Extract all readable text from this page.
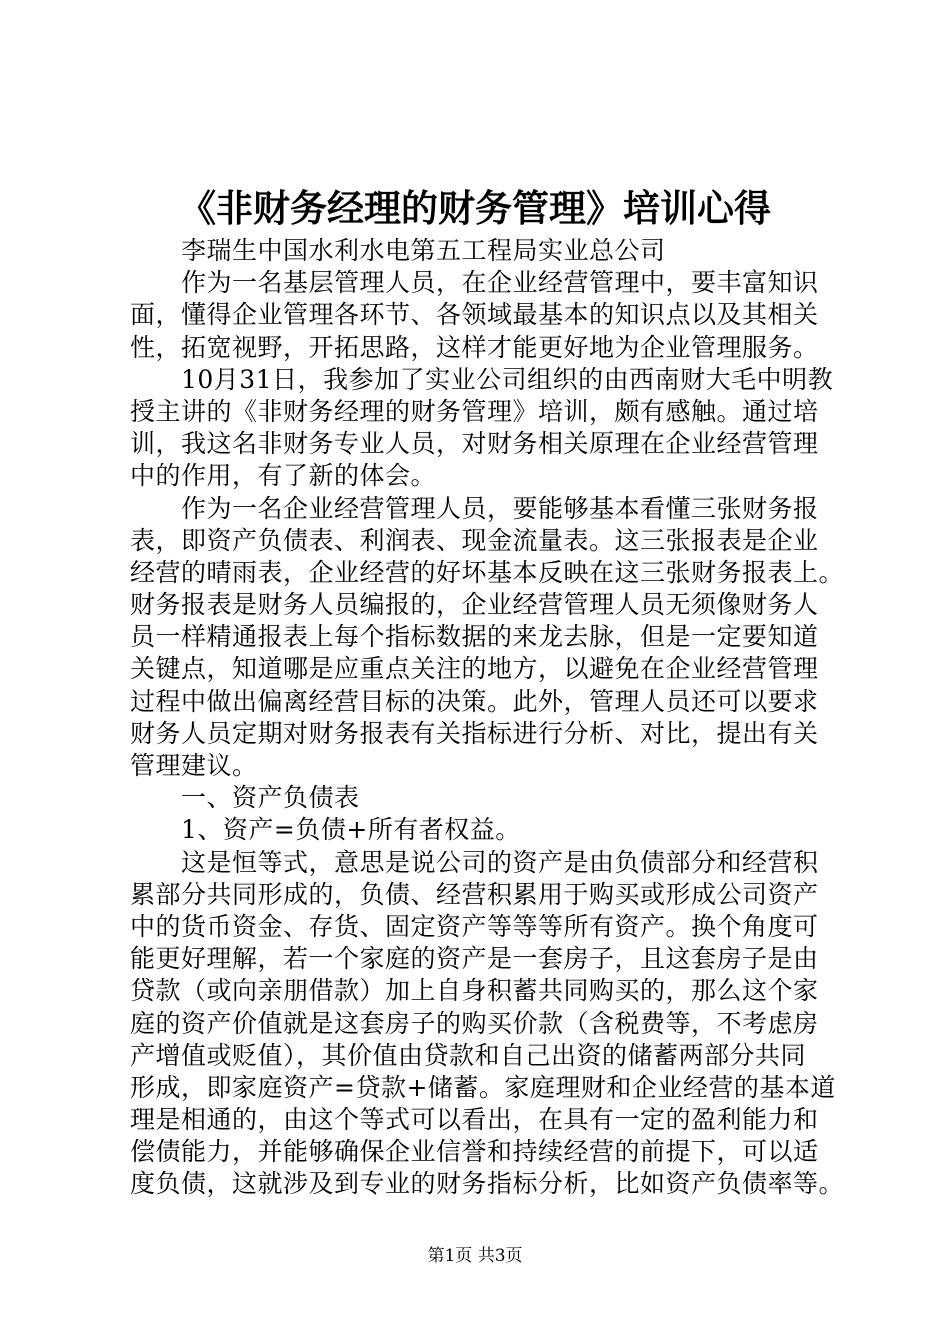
《非财务经理的财务管理》培训心得
李瑞生中国水利水电第五工程局实业总公司
作为一名基层管理人员，在企业经营管理中，要丰富知识
面，懂得企业管理各环节、各领域最基本的知识点以及其相关
性，拓宽视野，开拓思路，这样才能更好地为企业管理服务。
10月31日，我参加了实业公司组织的由西南财大毛中明教
授主讲的《非财务经理的财务管理》培训，颇有感触。通过培
训，我这名非财务专业人员，对财务相关原理在企业经营管理
中的作用，有了新的体会。
作为一名企业经营管理人员，要能够基本看懂三张财务报
表，即资产负债表、利润表、现金流量表。这三张报表是企业
经营的晴雨表，企业经营的好坏基本反映在这三张财务报表上。
财务报表是财务人员编报的，企业经营管理人员无须像财务人
员一样精通报表上每个指标数据的来龙去脉，但是一定要知道
关键点，知道哪是应重点关注的地方，以避免在企业经营管理
过程中做出偏离经营目标的决策。此外，管理人员还可以要求
财务人员定期对财务报表有关指标进行分析、对比，提出有关
管理建议。
一、资产负债表
1、资产=负债+所有者权益。
这是恒等式，意思是说公司的资产是由负债部分和经营积
累部分共同形成的，负债、经营积累用于购买或形成公司资产
中的货币资金、存货、固定资产等等等所有资产。换个角度可
能更好理解，若一个家庭的资产是一套房子，且这套房子是由
贷款（或向亲朋借款）加上自身积蓄共同购买的，那么这个家
庭的资产价值就是这套房子的购买价款（含税费等，不考虑房
产增值或贬值），其价值由贷款和自己出资的储蓄两部分共同
形成，即家庭资产=贷款+储蓄。家庭理财和企业经营的基本道
理是相通的，由这个等式可以看出，在具有一定的盈利能力和
偿债能力，并能够确保企业信誉和持续经营的前提下，可以适
度负债，这就涉及到专业的财务指标分析，比如资产负债率等。
第1页 共3页
